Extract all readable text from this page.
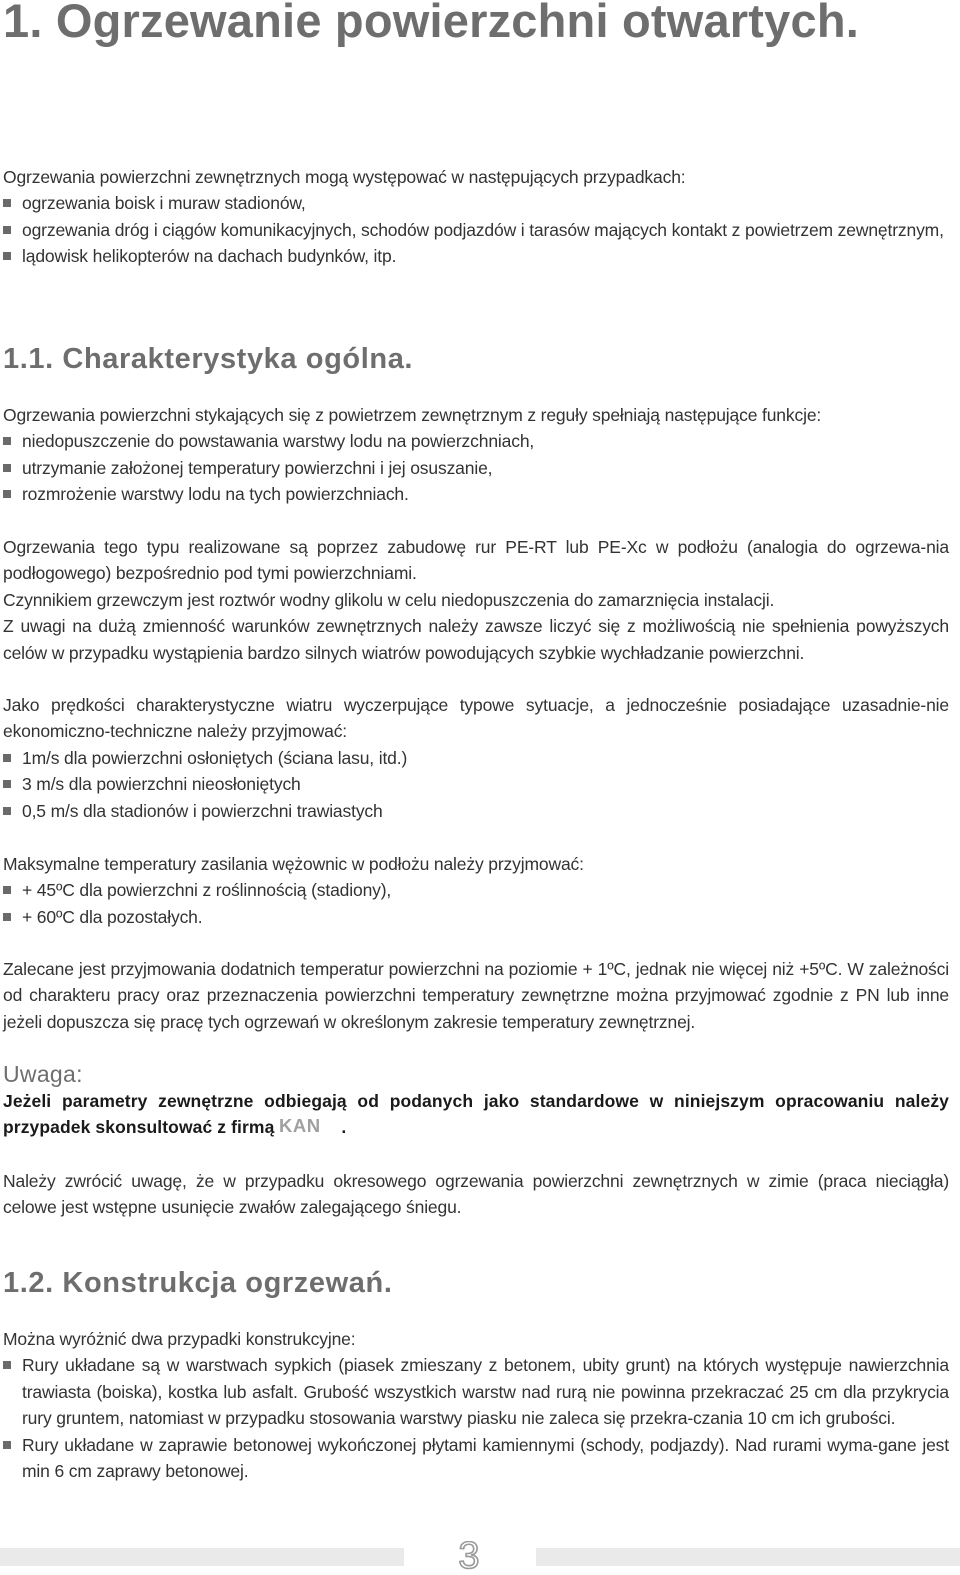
1. Ogrzewanie powierzchni otwartych.

Ogrzewania powierzchni zewnętrznych mogą występować w następujących przypadkach:

ogrzewania boisk i muraw stadionów,
ogrzewania dróg i ciągów komunikacyjnych, schodów podjazdów i tarasów mających kontakt z powietrzem zewnętrznym,
lądowisk helikopterów na dachach budynków, itp.
1.1. Charakterystyka ogólna.

Ogrzewania powierzchni stykających się z powietrzem zewnętrznym z reguły spełniają następujące funkcje:

niedopuszczenie do powstawania warstwy lodu na powierzchniach,
utrzymanie założonej temperatury powierzchni i jej osuszanie,
rozmrożenie warstwy lodu na tych powierzchniach.

Ogrzewania tego typu realizowane są poprzez zabudowę rur PE-RT lub PE-Xc w podłożu (analogia do ogrzewa-nia podłogowego) bezpośrednio pod tymi powierzchniami.

Czynnikiem grzewczym jest roztwór wodny glikolu w celu niedopuszczenia do zamarznięcia instalacji.

Z uwagi na dużą zmienność warunków zewnętrznych należy zawsze liczyć się z możliwością nie spełnienia powyższych celów w przypadku wystąpienia bardzo silnych wiatrów powodujących szybkie wychładzanie powierzchni.

Jako prędkości charakterystyczne wiatru wyczerpujące typowe sytuacje, a jednocześnie posiadające uzasadnie-nie ekonomiczno-techniczne należy przyjmować:

1m/s dla powierzchni osłoniętych (ściana lasu, itd.)
3 m/s dla powierzchni nieosłoniętych
0,5 m/s dla stadionów i powierzchni trawiastych

Maksymalne temperatury zasilania wężownic w podłożu należy przyjmować:

+ 45ºC dla powierzchni z roślinnością (stadiony),
+ 60ºC dla pozostałych.

Zalecane jest przyjmowania dodatnich temperatur powierzchni na poziomie + 1ºC, jednak nie więcej niż +5ºC. W zależności od charakteru pracy oraz przeznaczenia powierzchni temperatury zewnętrzne można przyjmować zgodnie z PN lub inne jeżeli dopuszcza się pracę tych ogrzewań w określonym zakresie temperatury zewnętrznej.

Uwaga:

Jeżeli parametry zewnętrzne odbiegają od podanych jako standardowe w niniejszym opracowaniu należy przypadek skonsultować z firmą KAN .

Należy zwrócić uwagę, że w przypadku okresowego ogrzewania powierzchni zewnętrznych w zimie (praca nieciągła) celowe jest wstępne usunięcie zwałów zalegającego śniegu.

1.2. Konstrukcja ogrzewań.

Można wyróżnić dwa przypadki konstrukcyjne:

Rury układane są w warstwach sypkich (piasek zmieszany z betonem, ubity grunt) na których występuje nawierzchnia trawiasta (boiska), kostka lub asfalt. Grubość wszystkich warstw nad rurą nie powinna przekraczać 25 cm dla przykrycia rury gruntem, natomiast w przypadku stosowania warstwy piasku nie zaleca się przekra-czania 10 cm ich grubości.
Rury układane w zaprawie betonowej wykończonej płytami kamiennymi (schody, podjazdy). Nad rurami wyma-gane jest min 6 cm zaprawy betonowej.
3
